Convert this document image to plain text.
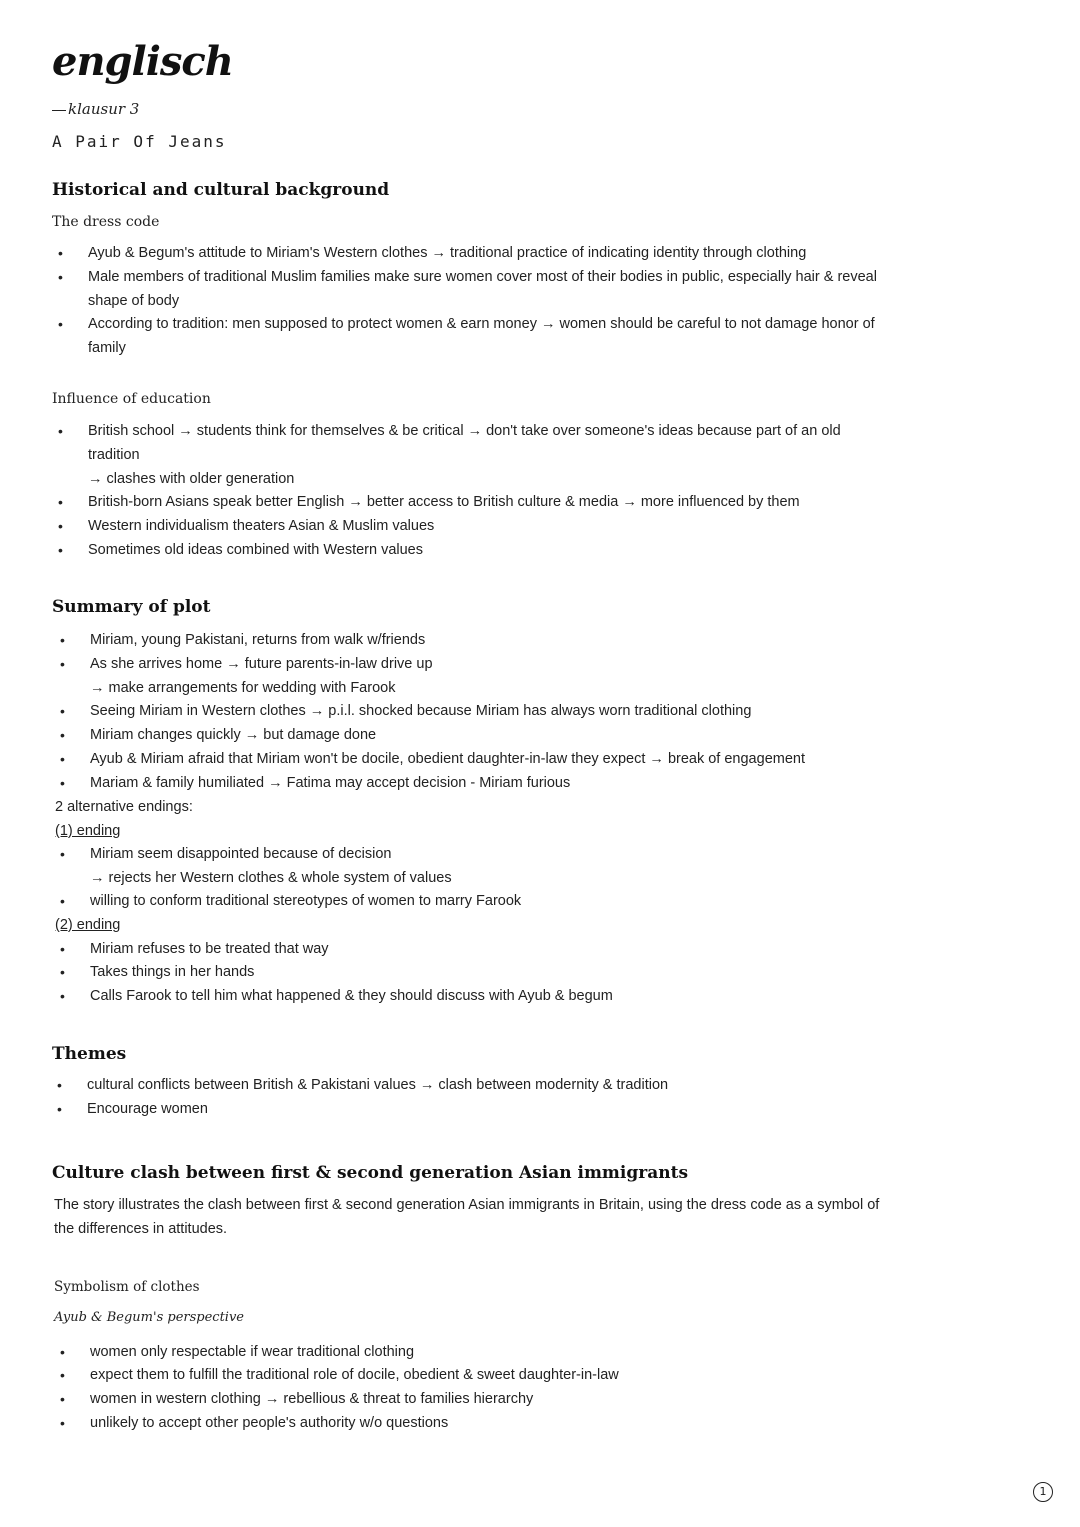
englisch
klausur 3
A Pair Of Jeans
Historical and cultural background
The dress code
• Ayub & Begum's attitude to Miriam's Western clothes → traditional practice of indicating identity through clothing
• Male members of traditional Muslim families make sure women cover most of their bodies in public, especially hair & reveal
shape of body
• According to tradition: men supposed to protect women & earn money → women should be careful to not damage honor of
family
Influence of education
• British school → students think for themselves & be critical → don't take over someone's ideas because part of an old
tradition
→ clashes with older generation
• British-born Asians speak better English → better access to British culture & media → more influenced by them
• Western individualism theaters Asian & Muslim values
• Sometimes old ideas combined with Western values
Summary of plot
• Miriam, young Pakistani, returns from walk w/friends
• As she arrives home → future parents-in-law drive up
→ make arrangements for wedding with Farook
• Seeing Miriam in Western clothes → p.i.l. shocked because Miriam has always worn traditional clothing
• Miriam changes quickly → but damage done
• Ayub & Miriam afraid that Miriam won't be docile, obedient daughter-in-law they expect → break of engagement
• Mariam & family humiliated → Fatima may accept decision - Miriam furious
2 alternative endings:
(1) ending
• Miriam seem disappointed because of decision
→ rejects her Western clothes & whole system of values
• willing to conform traditional stereotypes of women to marry Farook
(2) ending
• Miriam refuses to be treated that way
• Takes things in her hands
• Calls Farook to tell him what happened & they should discuss with Ayub & begum
Themes
• cultural conflicts between British & Pakistani values → clash between modernity & tradition
• Encourage women
Culture clash between first & second generation Asian immigrants
The story illustrates the clash between first & second generation Asian immigrants in Britain, using the dress code as a symbol of
the differences in attitudes.
Symbolism of clothes
Ayub & Begum's perspective
• women only respectable if wear traditional clothing
• expect them to fulfill the traditional role of docile, obedient & sweet daughter-in-law
• women in western clothing → rebellious & threat to families hierarchy
• unlikely to accept other people's authority w/o questions
1
